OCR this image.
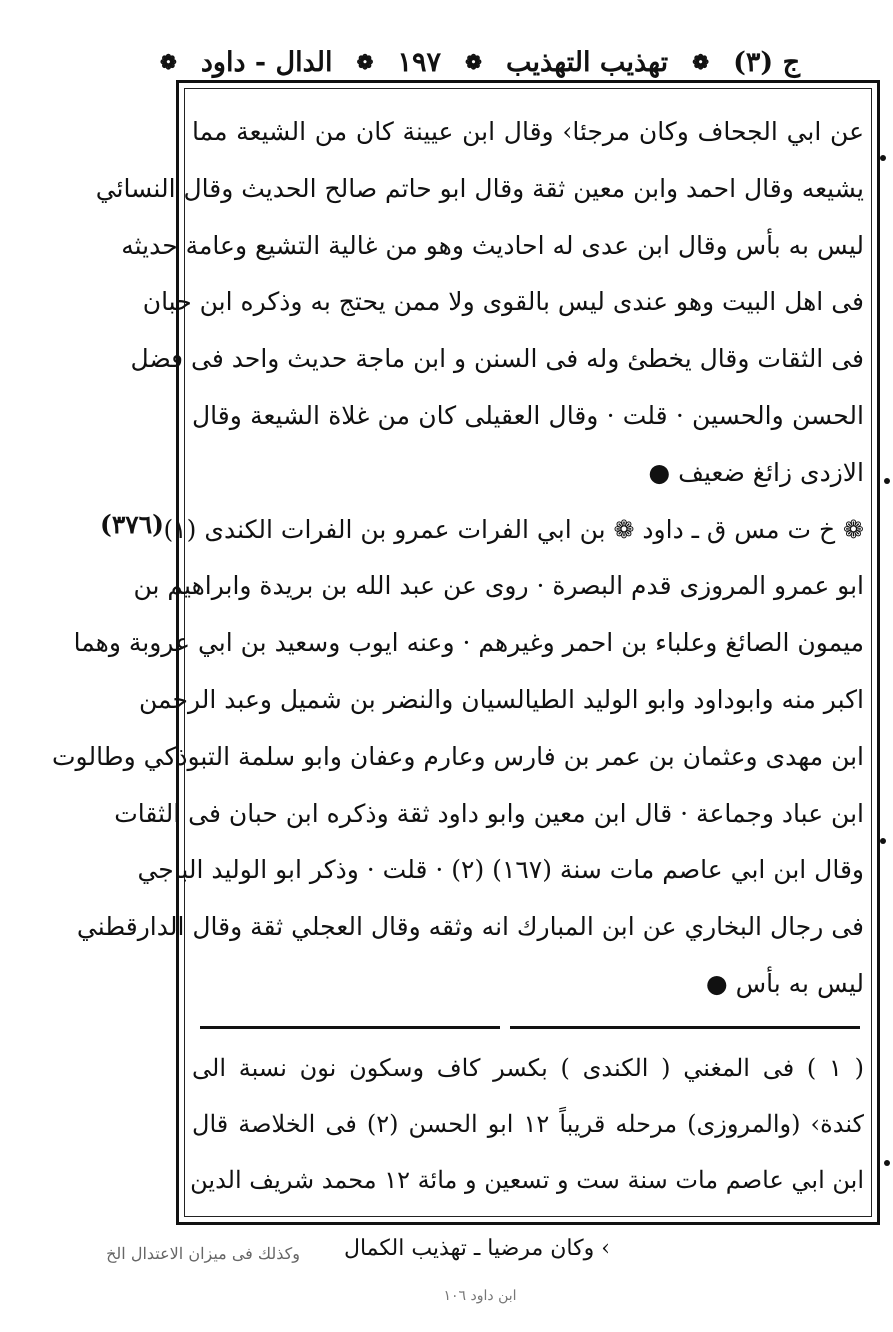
ج (٣)
❁
تهذيب التهذيب
❁
١٩٧
❁
الدال - داود
❁
عن ابي الجحاف وكان مرجئا› وقال ابن عيينة كان من الشيعة مما
يشيعه وقال احمد وابن معين ثقة وقال ابو حاتم صالح الحديث وقال النسائي
ليس به بأس وقال ابن عدى له احاديث وهو من غالية التشيع وعامة حديثه
فى اهل البيت وهو عندى ليس بالقوى ولا ممن يحتج به وذكره ابن حبان
فى الثقات وقال يخطئ وله فى السنن و ابن ماجة حديث واحد فى فضل
الحسن والحسين · قلت · وقال العقيلى كان من غلاة الشيعة وقال
الازدى زائغ ضعيف ●
❁ خ ت مس ق ـ داود ❁ بن ابي الفرات عمرو بن الفرات الكندى (١)
ابو عمرو المروزى قدم البصرة · روى عن عبد الله بن بريدة وابراهيم بن
ميمون الصائغ وعلباء بن احمر وغيرهم · وعنه ايوب وسعيد بن ابي عروبة وهما
اكبر منه وابوداود وابو الوليد الطيالسيان والنضر بن شميل وعبد الرحمن
ابن مهدى وعثمان بن عمر بن فارس وعارم وعفان وابو سلمة التبوذكي وطالوت
ابن عباد وجماعة · قال ابن معين وابو داود ثقة وذكره ابن حبان فى الثقات
وقال ابن ابي عاصم مات سنة (١٦٧) (٢) · قلت · وذكر ابو الوليد الباجي
فى رجال البخاري عن ابن المبارك انه وثقه وقال العجلي ثقة وقال الدارقطني
ليس به بأس ●
( ١ ) فى المغني ( الكندى ) بكسر كاف وسكون نون نسبة الى
كندة› (والمروزى) مرحله قريباً ١٢ ابو الحسن (٢) فى الخلاصة قال
ابن ابي عاصم مات سنة ست و تسعين و مائة ١٢ محمد شريف الدين
(٣٧٦)
› وكان مرضيا ـ تهذيب الكمال
وكذلك فى ميزان الاعتدال الخ
ابن داود ١٠٦
